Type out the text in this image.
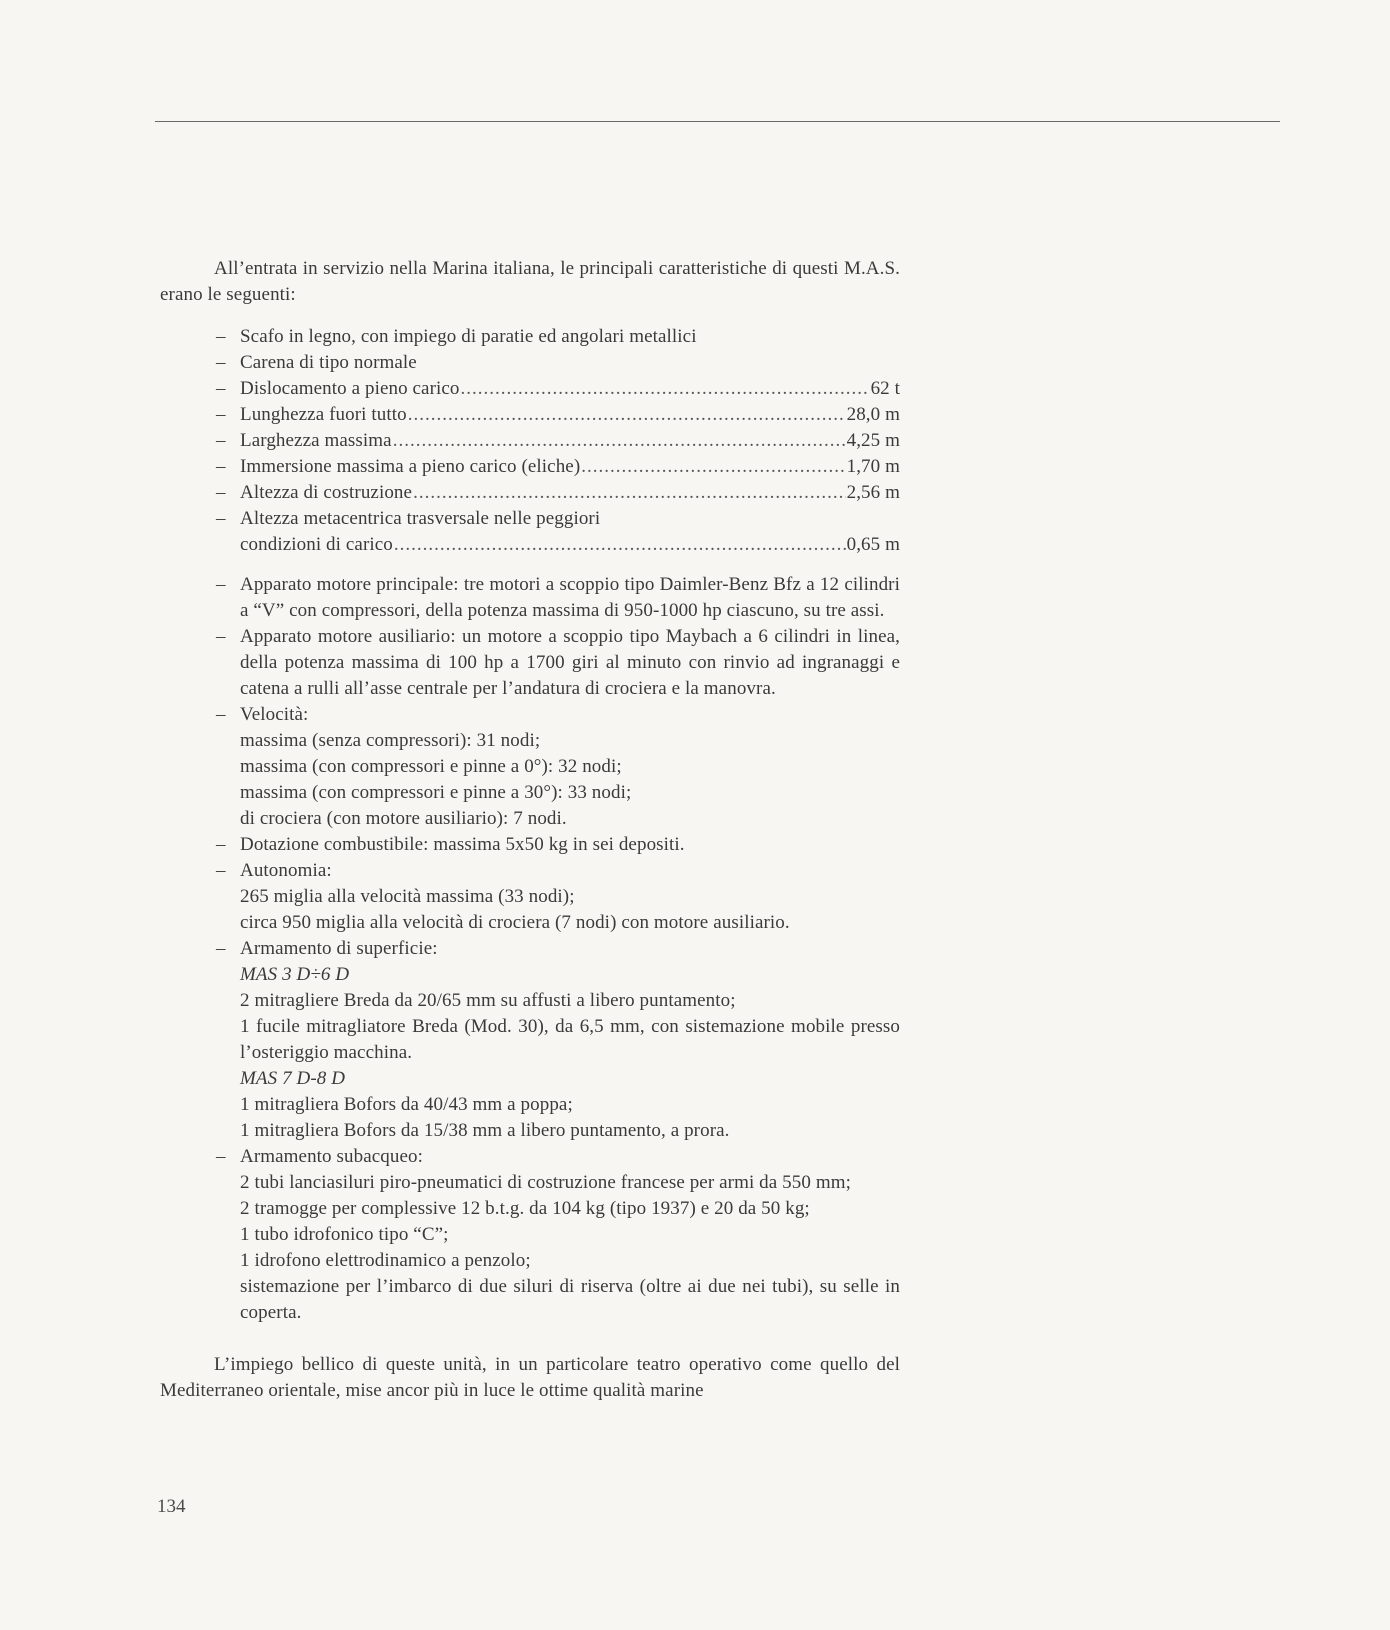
All’entrata in servizio nella Marina italiana, le principali caratteristiche di questi M.A.S. erano le seguenti:

– Scafo in legno, con impiego di paratie ed angolari metallici
– Carena di tipo normale
– Dislocamento a pieno carico .....	62 t
– Lunghezza fuori tutto .....	28,0 m
– Larghezza massima .....	4,25 m
– Immersione massima a pieno carico (eliche) .....	1,70 m
– Altezza di costruzione .....	2,56 m
– Altezza metacentrica trasversale nelle peggiori
condizioni di carico .....	0,65 m
– Apparato motore principale: tre motori a scoppio tipo Daimler-Benz Bfz a 12 cilindri a “V” con compressori, della potenza massima di 950-1000 hp ciascuno, su tre assi.
– Apparato motore ausiliario: un motore a scoppio tipo Maybach a 6 cilindri in linea, della potenza massima di 100 hp a 1700 giri al minuto con rinvio ad ingranaggi e catena a rulli all’asse centrale per l’andatura di crociera e la manovra.
– Velocità:
massima (senza compressori): 31 nodi;
massima (con compressori e pinne a 0°): 32 nodi;
massima (con compressori e pinne a 30°): 33 nodi;
di crociera (con motore ausiliario): 7 nodi.
– Dotazione combustibile: massima 5x50 kg in sei depositi.
– Autonomia:
265 miglia alla velocità massima (33 nodi);
circa 950 miglia alla velocità di crociera (7 nodi) con motore ausiliario.
– Armamento di superficie:
MAS 3 D÷6 D
2 mitragliere Breda da 20/65 mm su affusti a libero puntamento;
1 fucile mitragliatore Breda (Mod. 30), da 6,5 mm, con sistemazione mobile presso l’osteriggio macchina.
MAS 7 D-8 D
1 mitragliera Bofors da 40/43 mm a poppa;
1 mitragliera Bofors da 15/38 mm a libero puntamento, a prora.
– Armamento subacqueo:
2 tubi lanciasiluri piro-pneumatici di costruzione francese per armi da 550 mm;
2 tramogge per complessive 12 b.t.g. da 104 kg (tipo 1937) e 20 da 50 kg;
1 tubo idrofonico tipo “C”;
1 idrofono elettrodinamico a penzolo;
sistemazione per l’imbarco di due siluri di riserva (oltre ai due nei tubi), su selle in coperta.

L’impiego bellico di queste unità, in un particolare teatro operativo come quello del Mediterraneo orientale, mise ancor più in luce le ottime qualità marine

134
